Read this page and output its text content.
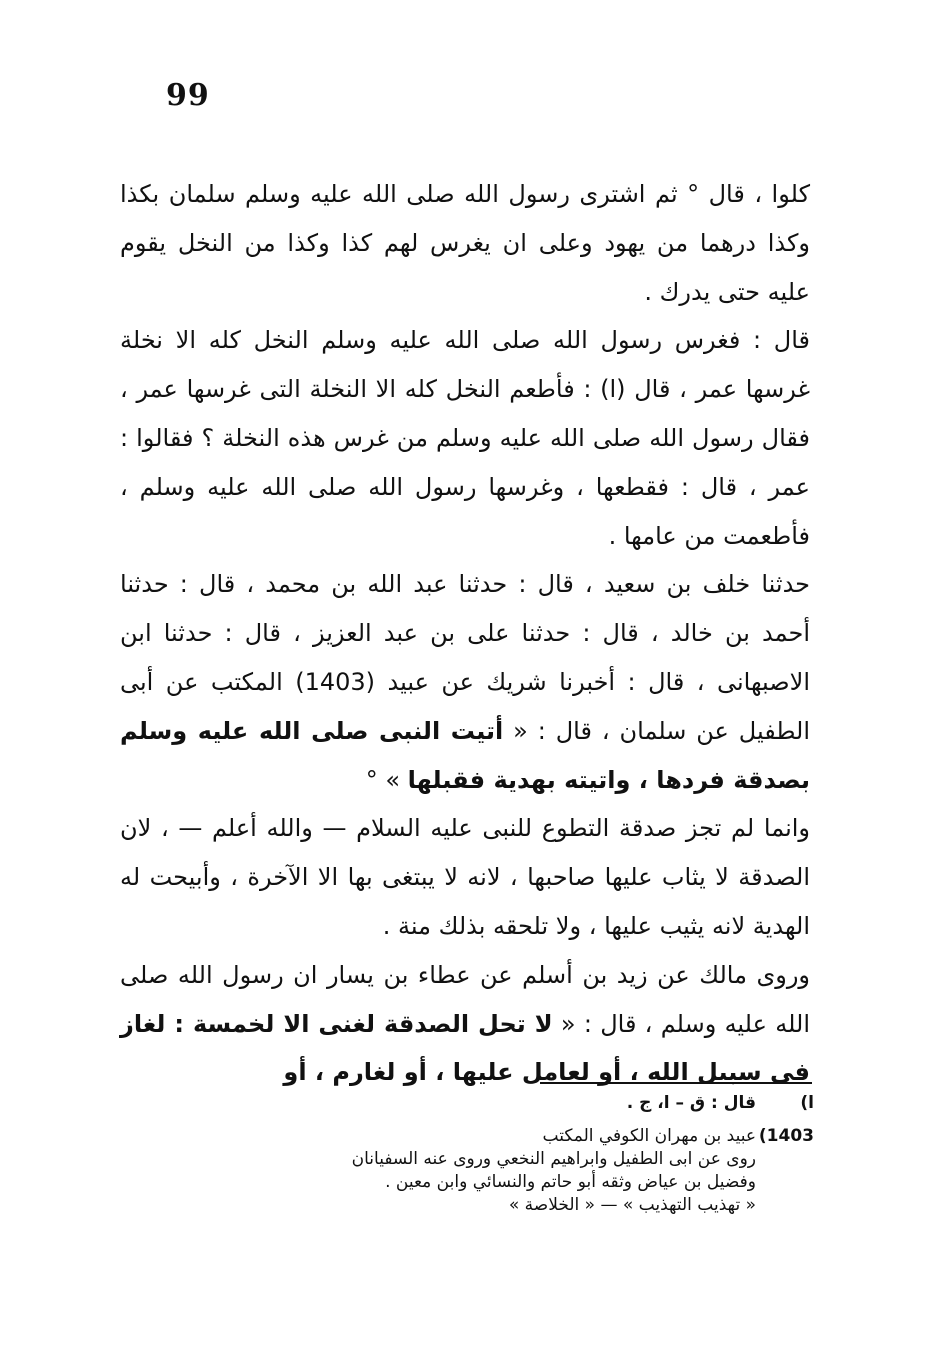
99

كلوا ، قال ° ثم اشترى رسول الله صلى الله عليه وسلم سلمان بكذا وكذا درهما من يهود وعلى ان يغرس لهم كذا وكذا من النخل يقوم عليه حتى يدرك .

قال : فغرس رسول الله صلى الله عليه وسلم النخل كله الا نخلة غرسها عمر ، قال (ا) : فأطعم النخل كله الا النخلة التى غرسها عمر ، فقال رسول الله صلى الله عليه وسلم من غرس هذه النخلة ؟ فقالوا : عمر ، قال : فقطعها ، وغرسها رسول الله صلى الله عليه وسلم ، فأطعمت من عامها .

حدثنا خلف بن سعيد ، قال : حدثنا عبد الله بن محمد ، قال : حدثنا أحمد بن خالد ، قال : حدثنا على بن عبد العزيز ، قال : حدثنا ابن الاصبهانى ، قال : أخبرنا شريك عن عبيد (1403) المكتب عن أبى الطفيل عن سلمان ، قال : « أتيت النبى صلى الله عليه وسلم بصدقة فردها ، واتيته بهدية فقبلها » °

وانما لم تجز صدقة التطوع للنبى عليه السلام — والله أعلم — ، لان الصدقة لا يثاب عليها صاحبها ، لانه لا يبتغى بها الا الآخرة ، وأبيحت له الهدية لانه يثيب عليها ، ولا تلحقه بذلك منة .

وروى مالك عن زيد بن أسلم عن عطاء بن يسار ان رسول الله صلى الله عليه وسلم ، قال : « لا تحل الصدقة لغنى الا لخمسة : لغاز فى سبيل الله ، أو لعامل عليها ، أو لغارم ، أو

ا)
قال : ق – ا، ج .
1403)
عبيد بن مهران الكوفي المكتب
روى عن ابى الطفيل وابراهيم النخعي وروى عنه السفيانان
وفضيل بن عياض وثقه أبو حاتم والنسائي وابن معين .
« تهذيب التهذيب » — « الخلاصة »
